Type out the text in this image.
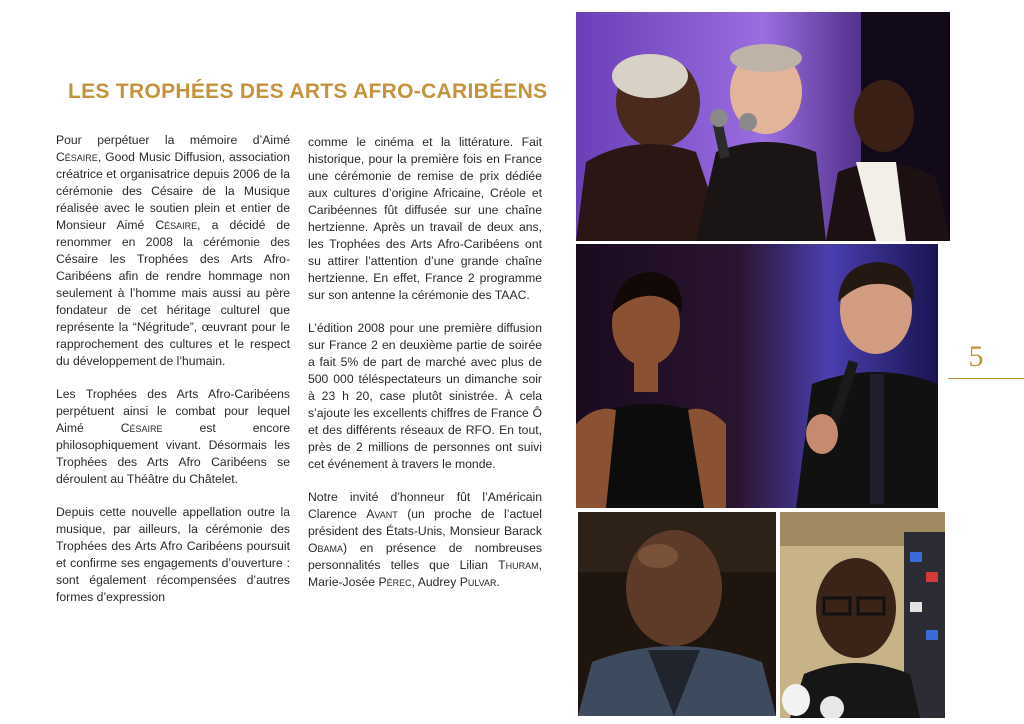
LES TROPHÉES DES ARTS AFRO-CARIBÉENS

Pour perpétuer la mémoire d’Aimé Césaire, Good Music Diffusion, association créatrice et organisatrice depuis 2006 de la cérémonie des Césaire de la Musique réalisée avec le soutien plein et entier de Monsieur Aimé Césaire, a décidé de renommer en 2008 la cérémonie des Césaire les Trophées des Arts Afro-Caribéens afin de rendre hommage non seulement à l’homme mais aussi au père fondateur de cet héritage culturel que représente la “Négritude”, œuvrant pour le rapprochement des cultures et le respect du développement de l’humain.

Les Trophées des Arts Afro-Caribéens perpétuent ainsi le combat pour lequel Aimé Césaire est encore philosophiquement vivant. Désormais les Trophées des Arts Afro Caribéens se déroulent au Théâtre du Châtelet.

Depuis cette nouvelle appellation outre la musique, par ailleurs, la cérémonie des Trophées des Arts Afro Caribéens poursuit et confirme ses engagements d’ouverture : sont également récompensées d’autres formes d’expression

comme le cinéma et la littérature. Fait historique, pour la première fois en France une cérémonie de remise de prix dédiée aux cultures d’origine Africaine, Créole et Caribéennes fût diffusée sur une chaîne hertzienne. Après un travail de deux ans, les Trophées des Arts Afro-Caribéens ont su attirer l’attention d’une grande chaîne hertzienne. En effet, France 2 programme sur son antenne la cérémonie des TAAC.

L’édition 2008 pour une première diffusion sur France 2 en deuxième partie de soirée a fait 5% de part de marché avec plus de 500 000 téléspectateurs un dimanche soir à 23 h 20, case plutôt sinistrée. À cela s’ajoute les excellents chiffres de France Ô et des différents réseaux de RFO. En tout, près de 2 millions de personnes ont suivi cet événement à travers le monde.

Notre invité d’honneur fût l’Américain Clarence Avant (un proche de l’actuel président des États-Unis, Monsieur Barack Obama) en présence de nombreuses personnalités telles que Lilian Thuram, Marie-Josée Pérec, Audrey Pulvar.

5
